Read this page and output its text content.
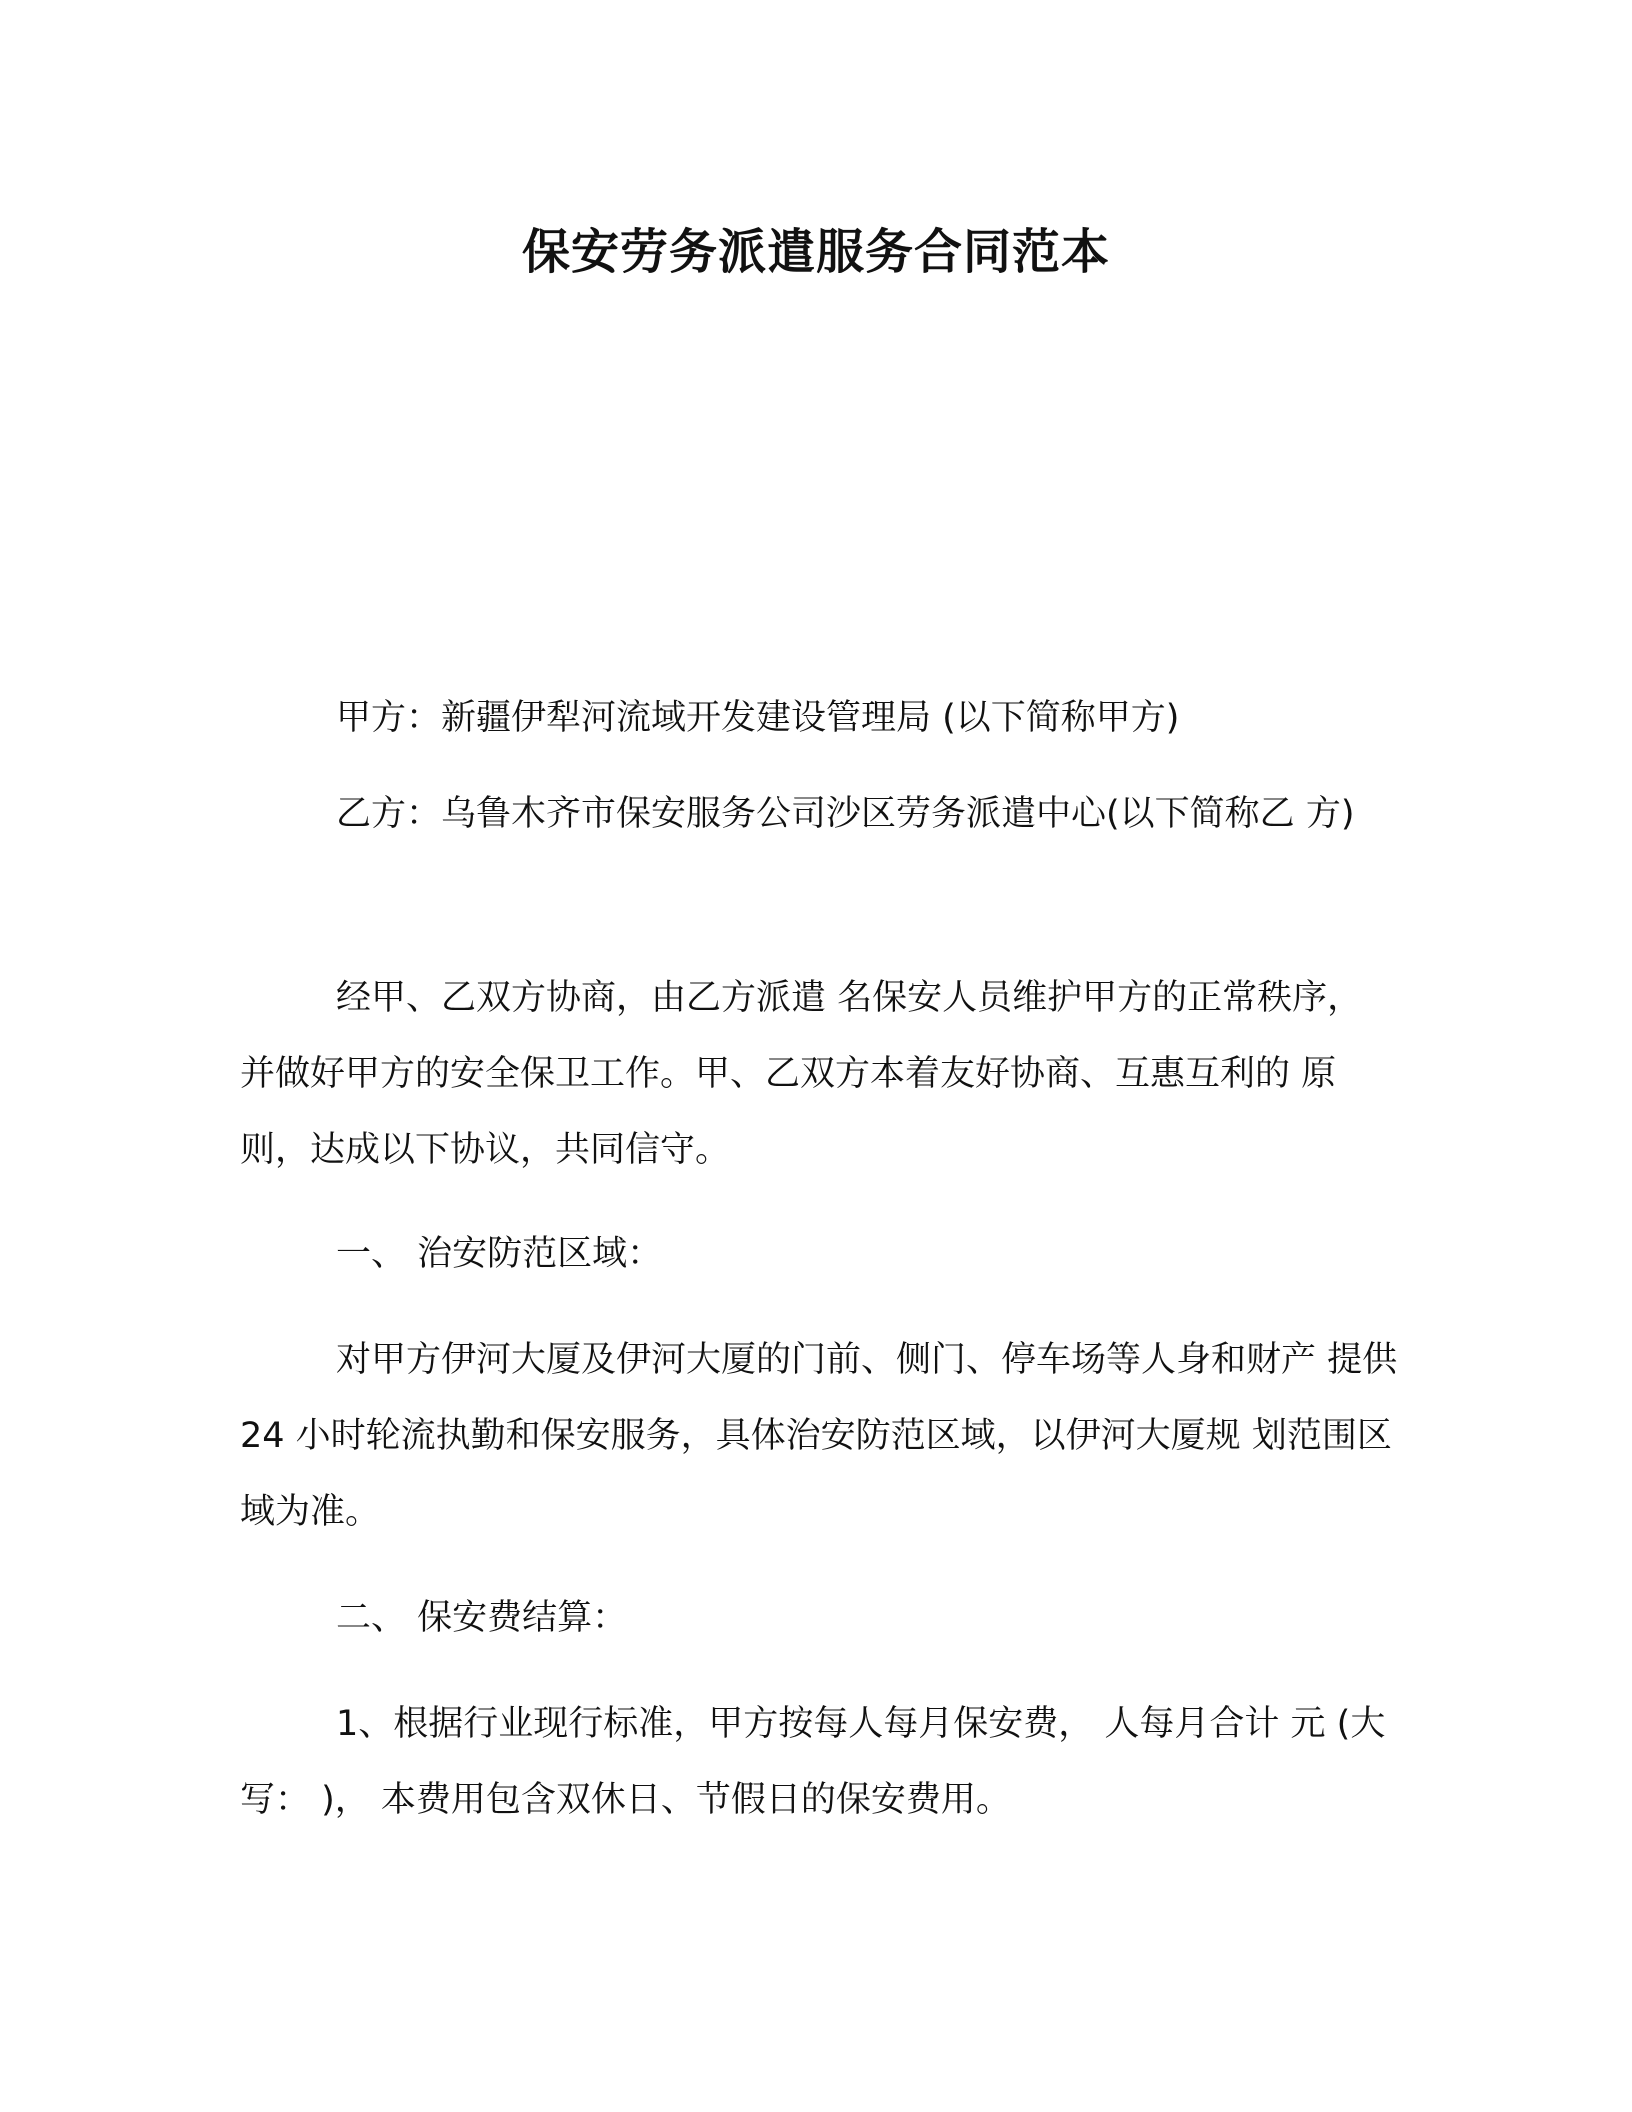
保安劳务派遣服务合同范本
甲方：新疆伊犁河流域开发建设管理局 (以下简称甲方)
乙方：乌鲁木齐市保安服务公司沙区劳务派遣中心(以下简称乙 方)
经甲、乙双方协商，由乙方派遣 名保安人员维护甲方的正常秩序， 并做好甲方的安全保卫工作。甲、乙双方本着友好协商、互惠互利的 原则，达成以下协议，共同信守。
一、 治安防范区域：
对甲方伊河大厦及伊河大厦的门前、侧门、停车场等人身和财产 提供 24 小时轮流执勤和保安服务，具体治安防范区域，以伊河大厦规 划范围区域为准。
二、 保安费结算：
1、根据行业现行标准，甲方按每人每月保安费， 人每月合计 元 (大写： )， 本费用包含双休日、节假日的保安费用。
